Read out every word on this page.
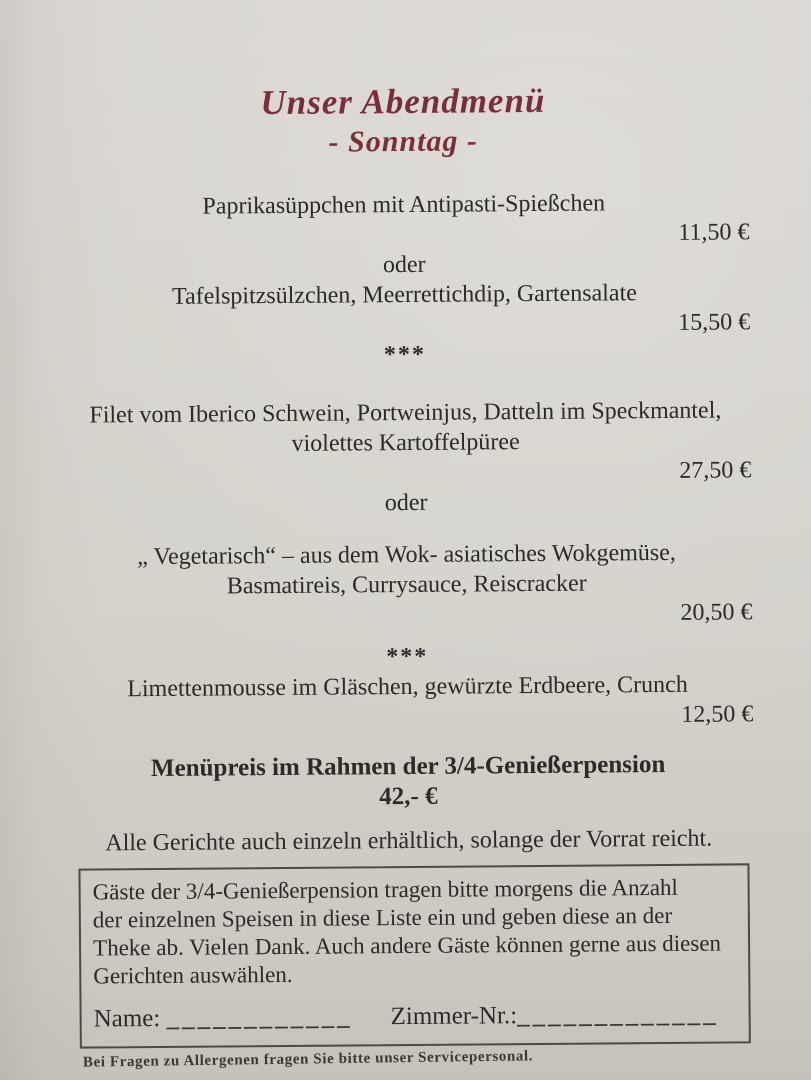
Unser Abendmenü
- Sonntag -
Paprikasüppchen mit Antipasti-Spießchen
11,50 €
oder
Tafelspitzsülzchen, Meerrettichdip, Gartensalate
15,50 €
***
Filet vom Iberico Schwein, Portweinjus, Datteln im Speckmantel,
violettes Kartoffelpüree
27,50 €
oder
„ Vegetarisch“ – aus dem Wok- asiatisches Wokgemüse,
Basmatireis, Currysauce, Reiscracker
20,50 €
***
Limettenmousse im Gläschen, gewürzte Erdbeere, Crunch
12,50 €
Menüpreis im Rahmen der 3/4-Genießerpension
42,- €
Alle Gerichte auch einzeln erhältlich, solange der Vorrat reicht.
Gäste der 3/4-Genießerpension tragen bitte morgens die Anzahl
der einzelnen Speisen in diese Liste ein und geben diese an der
Theke ab. Vielen Dank. Auch andere Gäste können gerne aus diesen
Gerichten auswählen.
Name: ____________ Zimmer-Nr.:_____________
Bei Fragen zu Allergenen fragen Sie bitte unser Servicepersonal.
